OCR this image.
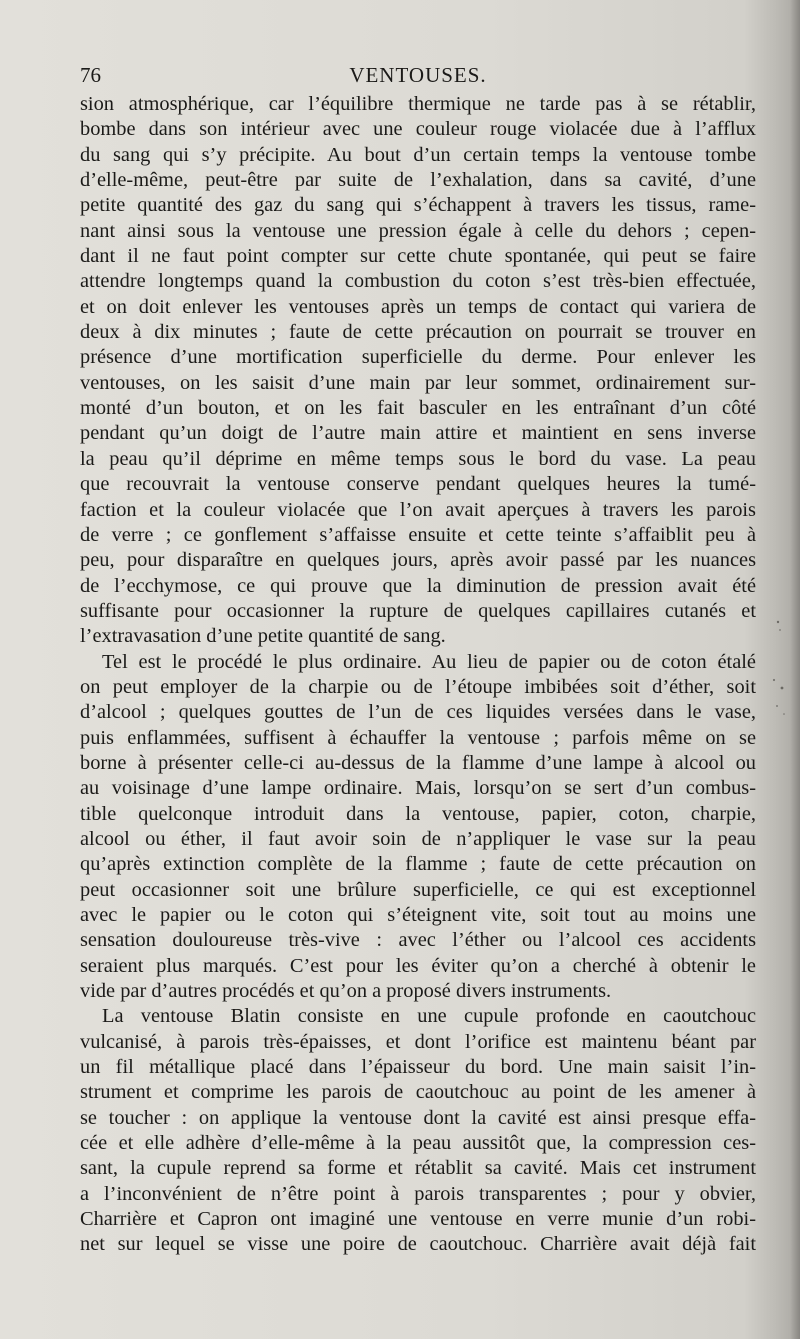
76	VENTOUSES.
sion atmosphérique, car l’équilibre thermique ne tarde pas à se rétablir,
bombe dans son intérieur avec une couleur rouge violacée due à l’afflux
du sang qui s’y précipite. Au bout d’un certain temps la ventouse tombe
d’elle-même, peut-être par suite de l’exhalation, dans sa cavité, d’une
petite quantité des gaz du sang qui s’échappent à travers les tissus, rame-
nant ainsi sous la ventouse une pression égale à celle du dehors ; cepen-
dant il ne faut point compter sur cette chute spontanée, qui peut se faire
attendre longtemps quand la combustion du coton s’est très-bien effectuée,
et on doit enlever les ventouses après un temps de contact qui variera de
deux à dix minutes ; faute de cette précaution on pourrait se trouver en
présence d’une mortification superficielle du derme. Pour enlever les
ventouses, on les saisit d’une main par leur sommet, ordinairement sur-
monté d’un bouton, et on les fait basculer en les entraînant d’un côté
pendant qu’un doigt de l’autre main attire et maintient en sens inverse
la peau qu’il déprime en même temps sous le bord du vase. La peau
que recouvrait la ventouse conserve pendant quelques heures la tumé-
faction et la couleur violacée que l’on avait aperçues à travers les parois
de verre ; ce gonflement s’affaisse ensuite et cette teinte s’affaiblit peu à
peu, pour disparaître en quelques jours, après avoir passé par les nuances
de l’ecchymose, ce qui prouve que la diminution de pression avait été
suffisante pour occasionner la rupture de quelques capillaires cutanés et
l’extravasation d’une petite quantité de sang.
Tel est le procédé le plus ordinaire. Au lieu de papier ou de coton étalé
on peut employer de la charpie ou de l’étoupe imbibées soit d’éther, soit
d’alcool ; quelques gouttes de l’un de ces liquides versées dans le vase,
puis enflammées, suffisent à échauffer la ventouse ; parfois même on se
borne à présenter celle-ci au-dessus de la flamme d’une lampe à alcool ou
au voisinage d’une lampe ordinaire. Mais, lorsqu’on se sert d’un combus-
tible quelconque introduit dans la ventouse, papier, coton, charpie,
alcool ou éther, il faut avoir soin de n’appliquer le vase sur la peau
qu’après extinction complète de la flamme ; faute de cette précaution on
peut occasionner soit une brûlure superficielle, ce qui est exceptionnel
avec le papier ou le coton qui s’éteignent vite, soit tout au moins une
sensation douloureuse très-vive : avec l’éther ou l’alcool ces accidents
seraient plus marqués. C’est pour les éviter qu’on a cherché à obtenir le
vide par d’autres procédés et qu’on a proposé divers instruments.
La ventouse Blatin consiste en une cupule profonde en caoutchouc
vulcanisé, à parois très-épaisses, et dont l’orifice est maintenu béant par
un fil métallique placé dans l’épaisseur du bord. Une main saisit l’in-
strument et comprime les parois de caoutchouc au point de les amener à
se toucher : on applique la ventouse dont la cavité est ainsi presque effa-
cée et elle adhère d’elle-même à la peau aussitôt que, la compression ces-
sant, la cupule reprend sa forme et rétablit sa cavité. Mais cet instrument
a l’inconvénient de n’être point à parois transparentes ; pour y obvier,
Charrière et Capron ont imaginé une ventouse en verre munie d’un robi-
net sur lequel se visse une poire de caoutchouc. Charrière avait déjà fait
